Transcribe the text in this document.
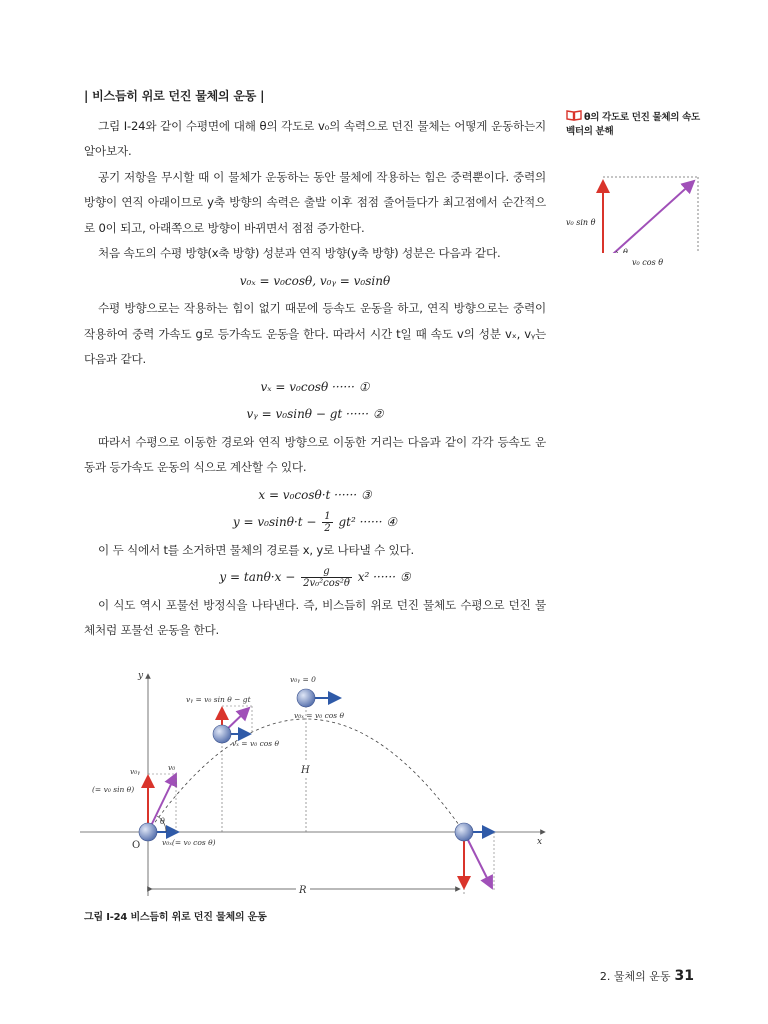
| 비스듬히 위로 던진 물체의 운동 |

그림 I-24와 같이 수평면에 대해 θ의 각도로 v₀의 속력으로 던진 물체는 어떻게 운동하는지 알아보자.

공기 저항을 무시할 때 이 물체가 운동하는 동안 물체에 작용하는 힘은 중력뿐이다. 중력의 방향이 연직 아래이므로 y축 방향의 속력은 출발 이후 점점 줄어들다가 최고점에서 순간적으로 0이 되고, 아래쪽으로 방향이 바뀌면서 점점 증가한다.

처음 속도의 수평 방향(x축 방향) 성분과 연직 방향(y축 방향) 성분은 다음과 같다.

v₀ₓ = v₀cosθ, v₀ᵧ = v₀sinθ

수평 방향으로는 작용하는 힘이 없기 때문에 등속도 운동을 하고, 연직 방향으로는 중력이 작용하여 중력 가속도 g로 등가속도 운동을 한다. 따라서 시간 t일 때 속도 v의 성분 vₓ, vᵧ는 다음과 같다.

vₓ = v₀cosθ ······ ①
vᵧ = v₀sinθ − gt ······ ②

따라서 수평으로 이동한 경로와 연직 방향으로 이동한 거리는 다음과 같이 각각 등속도 운동과 등가속도 운동의 식으로 계산할 수 있다.

x = v₀cosθ·t ······ ③
$y = v_0\sin\theta\cdot t - \frac{1}{2} gt^2$ ······ ④

이 두 식에서 t를 소거하면 물체의 경로를 x, y로 나타낼 수 있다.

$y = \tan\theta\cdot x - \frac{g}{\text{2v₀²cos²θ}} x^2$ ······ ⑤

이 식도 역시 포물선 방정식을 나타낸다. 즉, 비스듬히 위로 던진 물체도 수평으로 던진 물체처럼 포물선 운동을 한다.

θ의 각도로 던진 물체의 속도 벡터의 분해
v₀ sin θ
θ

v₀ cos θ
y
x
O
R
H
v₀ᵧ
(= v₀ sin θ)
v₀
θ
v₀ₓ(= v₀ cos θ)
vᵧ = v₀ sin θ − gt
vₓ = v₀ cos θ
v₀ᵧ = 0
v₀ₓ = v₀ cos θ
그림 I-24 비스듬히 위로 던진 물체의 운동
2. 물체의 운동 31
